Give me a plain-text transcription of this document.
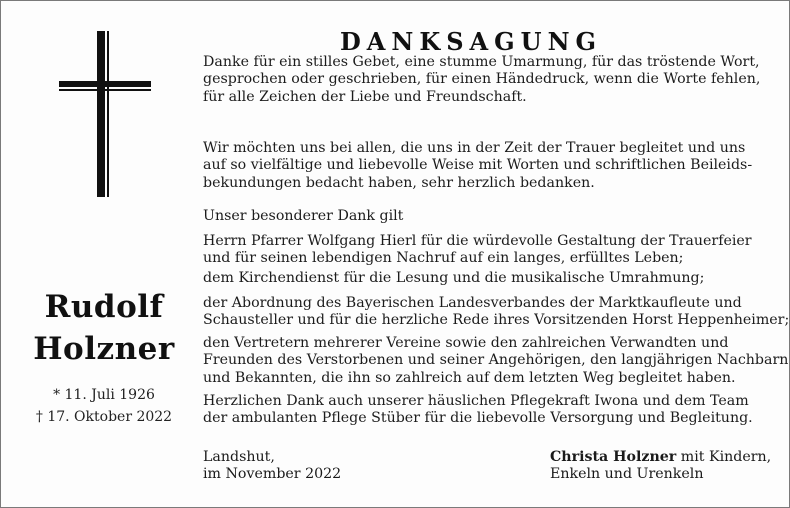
Rudolf
Holzner
* 11. Juli 1926
† 17. Oktober 2022
DANKSAGUNG
Danke für ein stilles Gebet, eine stumme Umarmung, für das tröstende Wort,
gesprochen oder geschrieben, für einen Händedruck, wenn die Worte fehlen,
für alle Zeichen der Liebe und Freundschaft.
Wir möchten uns bei allen, die uns in der Zeit der Trauer begleitet und uns
auf so vielfältige und liebevolle Weise mit Worten und schriftlichen Beileids-
bekundungen bedacht haben, sehr herzlich bedanken.
Unser besonderer Dank gilt
Herrn Pfarrer Wolfgang Hierl für die würdevolle Gestaltung der Trauerfeier
und für seinen lebendigen Nachruf auf ein langes, erfülltes Leben;
dem Kirchendienst für die Lesung und die musikalische Umrahmung;
der Abordnung des Bayerischen Landesverbandes der Marktkaufleute und
Schausteller und für die herzliche Rede ihres Vorsitzenden Horst Heppenheimer;
den Vertretern mehrerer Vereine sowie den zahlreichen Verwandten und
Freunden des Verstorbenen und seiner Angehörigen, den langjährigen Nachbarn
und Bekannten, die ihn so zahlreich auf dem letzten Weg begleitet haben.
Herzlichen Dank auch unserer häuslichen Pflegekraft Iwona und dem Team
der ambulanten Pflege Stüber für die liebevolle Versorgung und Begleitung.
Landshut,
im November 2022
Christa Holzner mit Kindern,
Enkeln und Urenkeln
